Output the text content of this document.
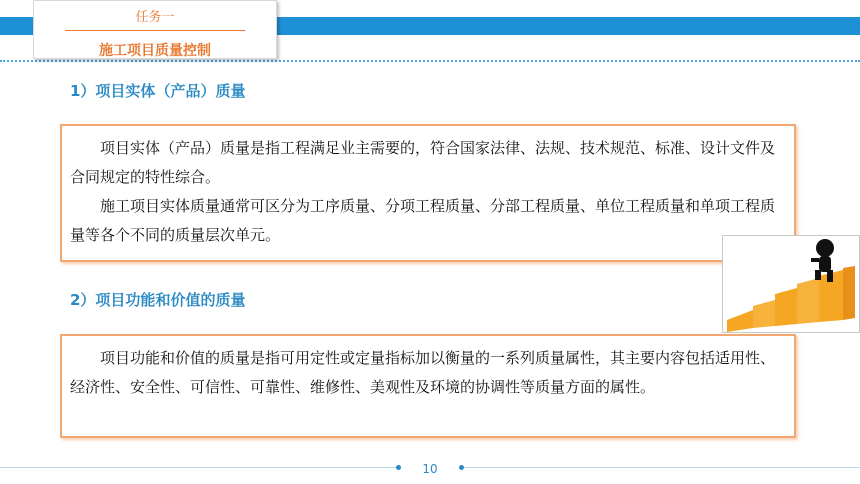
任务一
施工项目质量控制
1）项目实体（产品）质量

项目实体（产品）质量是指工程满足业主需要的，符合国家法律、法规、技术规范、标准、设计文件及合同规定的特性综合。

施工项目实体质量通常可区分为工序质量、分项工程质量、分部工程质量、单位工程质量和单项工程质量等各个不同的质量层次单元。

2）项目功能和价值的质量

项目功能和价值的质量是指可用定性或定量指标加以衡量的一系列质量属性，其主要内容包括适用性、经济性、安全性、可信性、可靠性、维修性、美观性及环境的协调性等质量方面的属性。

10
